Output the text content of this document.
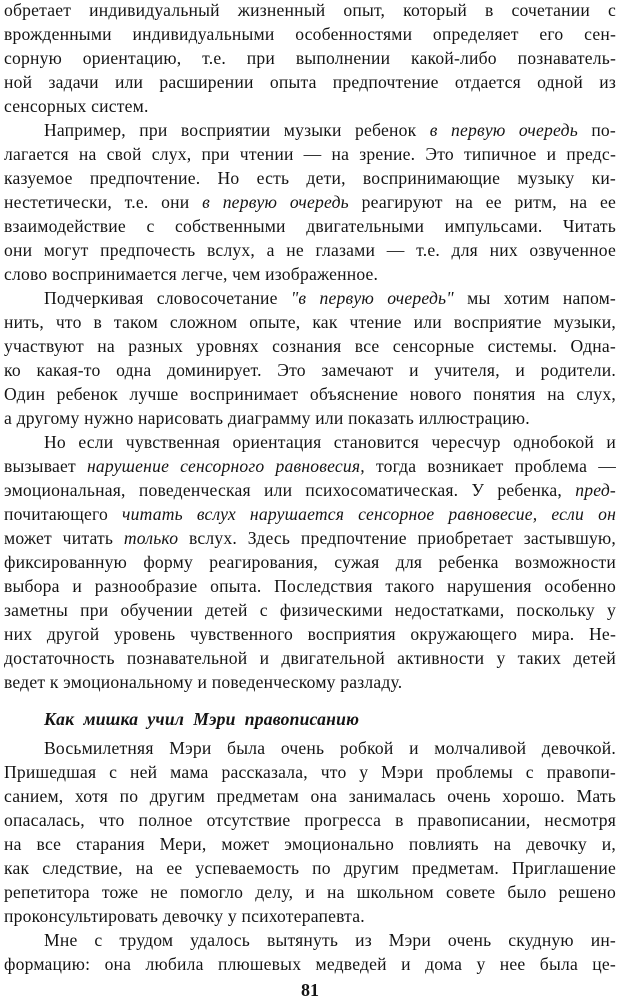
обретает индивидуальный жизненный опыт, который в сочетании с
врожденными индивидуальными особенностями определяет его сен-
сорную ориентацию, т.е. при выполнении какой-либо познаватель-
ной задачи или расширении опыта предпочтение отдается одной из
сенсорных систем.
Например, при восприятии музыки ребенок в первую очередь по-
лагается на свой слух, при чтении — на зрение. Это типичное и предс-
казуемое предпочтение. Но есть дети, воспринимающие музыку ки-
нестетически, т.е. они в первую очередь реагируют на ее ритм, на ее
взаимодействие с собственными двигательными импульсами. Читать
они могут предпочесть вслух, а не глазами — т.е. для них озвученное
слово воспринимается легче, чем изображенное.
Подчеркивая словосочетание "в первую очередь" мы хотим напом-
нить, что в таком сложном опыте, как чтение или восприятие музыки,
участвуют на разных уровнях сознания все сенсорные системы. Одна-
ко какая-то одна доминирует. Это замечают и учителя, и родители.
Один ребенок лучше воспринимает объяснение нового понятия на слух,
а другому нужно нарисовать диаграмму или показать иллюстрацию.
Но если чувственная ориентация становится чересчур однобокой и
вызывает нарушение сенсорного равновесия, тогда возникает проблема —
эмоциональная, поведенческая или психосоматическая. У ребенка, пред-
почитающего читать вслух нарушается сенсорное равновесие, если он
может читать только вслух. Здесь предпочтение приобретает застывшую,
фиксированную форму реагирования, сужая для ребенка возможности
выбора и разнообразие опыта. Последствия такого нарушения особенно
заметны при обучении детей с физическими недостатками, поскольку у
них другой уровень чувственного восприятия окружающего мира. Не-
достаточность познавательной и двигательной активности у таких детей
ведет к эмоциональному и поведенческому разладу.
Как  мишка  учил  Мэри  правописанию
Восьмилетняя Мэри была очень робкой и молчаливой девочкой.
Пришедшая с ней мама рассказала, что у Мэри проблемы с правопи-
санием, хотя по другим предметам она занималась очень хорошо. Мать
опасалась, что полное отсутствие прогресса в правописании, несмотря
на все старания Мери, может эмоционально повлиять на девочку и,
как следствие, на ее успеваемость по другим предметам. Приглашение
репетитора тоже не помогло делу, и на школьном совете было решено
проконсультировать девочку у психотерапевта.
Мне с трудом удалось вытянуть из Мэри очень скудную ин-
формацию: она любила плюшевых медведей и дома у нее была це-
81
